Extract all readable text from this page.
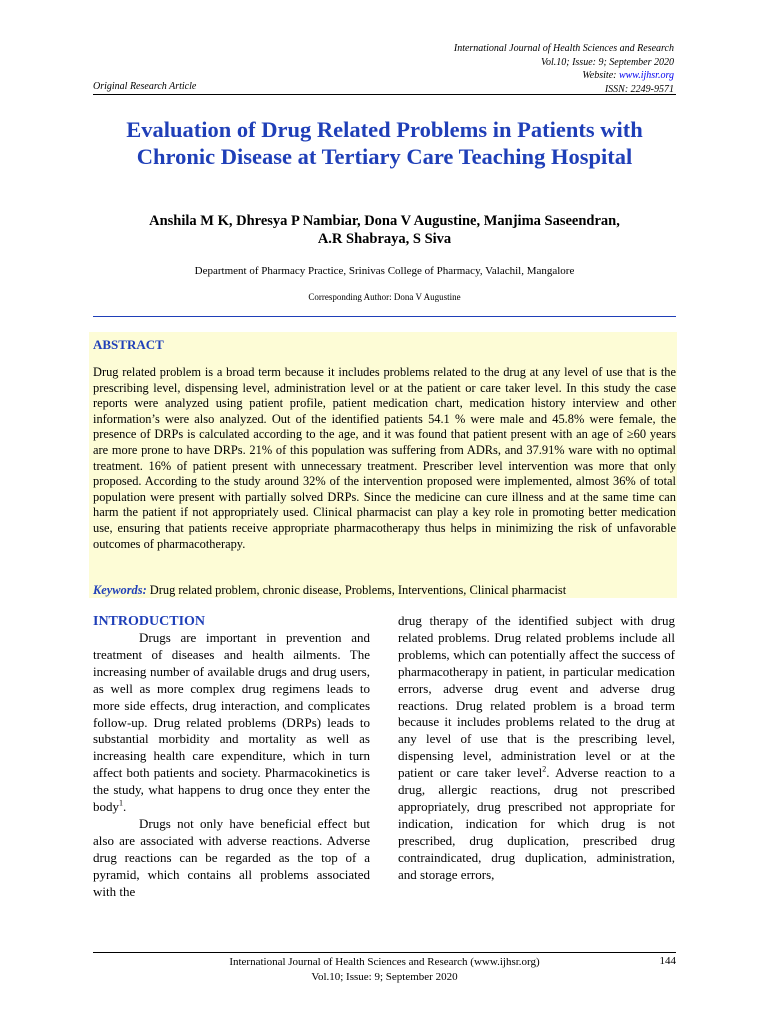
International Journal of Health Sciences and Research
Vol.10; Issue: 9; September 2020
Website: www.ijhsr.org
ISSN: 2249-9571
Original Research Article
Evaluation of Drug Related Problems in Patients with Chronic Disease at Tertiary Care Teaching Hospital
Anshila M K, Dhresya P Nambiar, Dona V Augustine, Manjima Saseendran,
A.R Shabraya, S Siva
Department of Pharmacy Practice, Srinivas College of Pharmacy, Valachil, Mangalore
Corresponding Author: Dona V Augustine
ABSTRACT

Drug related problem is a broad term because it includes problems related to the drug at any level of use that is the prescribing level, dispensing level, administration level or at the patient or care taker level. In this study the case reports were analyzed using patient profile, patient medication chart, medication history interview and other information’s were also analyzed. Out of the identified patients 54.1 % were male and 45.8% were female, the presence of DRPs is calculated according to the age, and it was found that patient present with an age of ≥60 years are more prone to have DRPs. 21% of this population was suffering from ADRs, and 37.91% ware with no optimal treatment. 16% of patient present with unnecessary treatment. Prescriber level intervention was more that only proposed. According to the study around 32% of the intervention proposed were implemented, almost 36% of total population were present with partially solved DRPs. Since the medicine can cure illness and at the same time can harm the patient if not appropriately used. Clinical pharmacist can play a key role in promoting better medication use, ensuring that patients receive appropriate pharmacotherapy thus helps in minimizing the risk of unfavorable outcomes of pharmacotherapy.

Keywords: Drug related problem, chronic disease, Problems, Interventions, Clinical pharmacist
INTRODUCTION

Drugs are important in prevention and treatment of diseases and health ailments. The increasing number of available drugs and drug users, as well as more complex drug regimens leads to more side effects, drug interaction, and complicates follow-up. Drug related problems (DRPs) leads to substantial morbidity and mortality as well as increasing health care expenditure, which in turn affect both patients and society. Pharmacokinetics is the study, what happens to drug once they enter the body$^1$.

Drugs not only have beneficial effect but also are associated with adverse reactions. Adverse drug reactions can be regarded as the top of a pyramid, which contains all problems associated with the

drug therapy of the identified subject with drug related problems. Drug related problems include all problems, which can potentially affect the success of pharmacotherapy in patient, in particular medication errors, adverse drug event and adverse drug reactions. Drug related problem is a broad term because it includes problems related to the drug at any level of use that is the prescribing level, dispensing level, administration level or at the patient or care taker level$^2$. Adverse reaction to a drug, allergic reactions, drug not prescribed appropriately, drug prescribed not appropriate for indication, indication for which drug is not prescribed, drug duplication, prescribed drug contraindicated, drug duplication, administration, and storage errors,

International Journal of Health Sciences and Research (www.ijhsr.org)
Vol.10; Issue: 9; September 2020
144
